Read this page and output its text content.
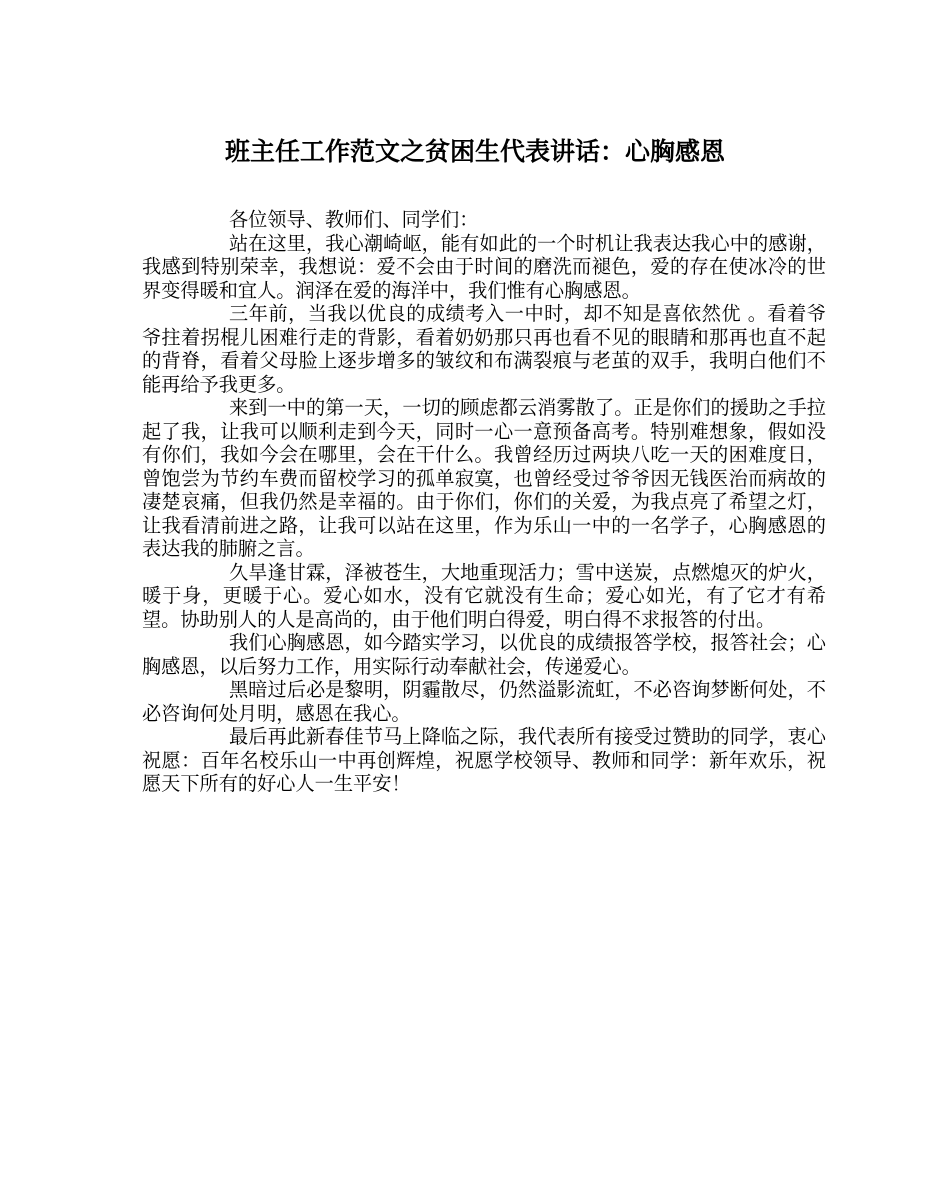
班主任工作范文之贫困生代表讲话：心胸感恩

各位领导、教师们、同学们：

站在这里，我心潮崎岖，能有如此的一个时机让我表达我心中的感谢，我感到特别荣幸，我想说：爱不会由于时间的磨洗而褪色，爱的存在使冰冷的世界变得暖和宜人。润泽在爱的海洋中，我们惟有心胸感恩。

三年前，当我以优良的成绩考入一中时，却不知是喜依然优 。看着爷爷拄着拐棍儿困难行走的背影，看着奶奶那只再也看不见的眼睛和那再也直不起的背脊，看着父母脸上逐步增多的皱纹和布满裂痕与老茧的双手，我明白他们不能再给予我更多。

来到一中的第一天，一切的顾虑都云消雾散了。正是你们的援助之手拉起了我，让我可以顺利走到今天，同时一心一意预备高考。特别难想象，假如没有你们，我如今会在哪里，会在干什么。我曾经历过两块八吃一天的困难度日，曾饱尝为节约车费而留校学习的孤单寂寞，也曾经受过爷爷因无钱医治而病故的凄楚哀痛，但我仍然是幸福的。由于你们，你们的关爱，为我点亮了希望之灯，让我看清前进之路，让我可以站在这里，作为乐山一中的一名学子，心胸感恩的表达我的肺腑之言。

久旱逢甘霖，泽被苍生，大地重现活力；雪中送炭，点燃熄灭的炉火，暖于身，更暖于心。爱心如水，没有它就没有生命；爱心如光，有了它才有希望。协助别人的人是高尚的，由于他们明白得爱，明白得不求报答的付出。

我们心胸感恩，如今踏实学习，以优良的成绩报答学校，报答社会；心胸感恩，以后努力工作，用实际行动奉献社会，传递爱心。

黑暗过后必是黎明，阴霾散尽，仍然溢影流虹，不必咨询梦断何处，不必咨询何处月明，感恩在我心。

最后再此新春佳节马上降临之际，我代表所有接受过赞助的同学，衷心祝愿：百年名校乐山一中再创辉煌，祝愿学校领导、教师和同学：新年欢乐，祝愿天下所有的好心人一生平安！
